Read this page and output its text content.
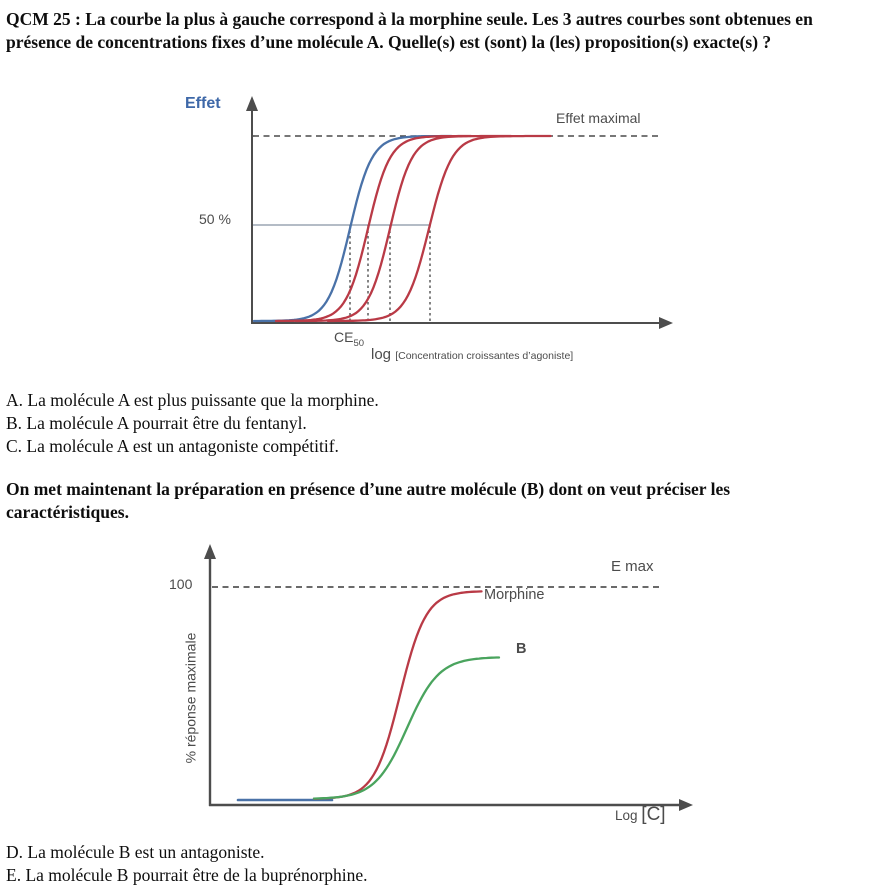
QCM 25 : La courbe la plus à gauche correspond à la morphine seule. Les 3 autres courbes sont obtenues en présence de concentrations fixes d’une molécule A. Quelle(s) est (sont) la (les) proposition(s) exacte(s) ?
Effet
Effet maximal
50 %
$CE_{50}$
log [Concentration croissantes d’agoniste]
A. La molécule A est plus puissante que la morphine.
B. La molécule A pourrait être du fentanyl.
C. La molécule A est un antagoniste compétitif.
On met maintenant la préparation en présence d’une autre molécule (B) dont on veut préciser les caractéristiques.
100
E max
Morphine
B
% réponse maximale
Log [C]
D. La molécule B est un antagoniste.
E. La molécule B pourrait être de la buprénorphine.
